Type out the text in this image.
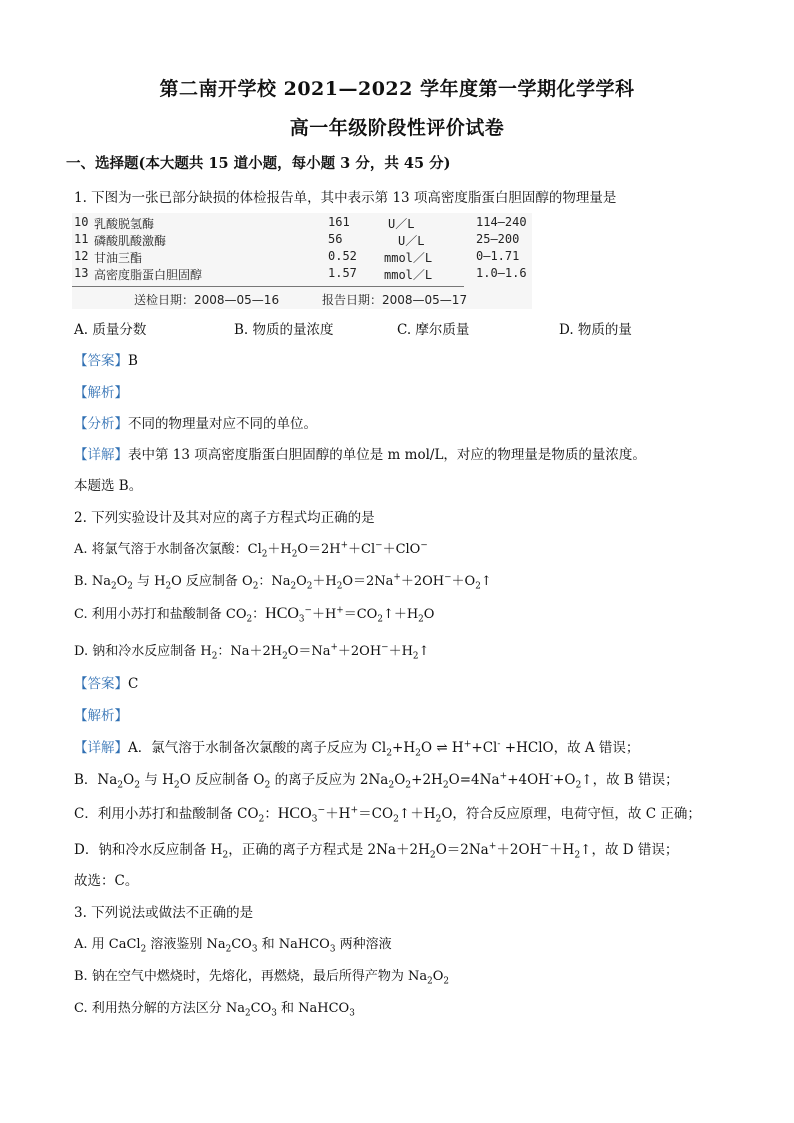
第二南开学校 2021—2022 学年度第一学期化学学科
高一年级阶段性评价试卷
一、选择题(本大题共 15 道小题，每小题 3 分，共 45 分)
1. 下图为一张已部分缺损的体检报告单，其中表示第 13 项高密度脂蛋白胆固醇的物理量是
10 乳酸脱氢酶	161	U／L	114—240
11 磷酸肌酸激酶	56	U／L	25—200
12 甘油三酯	0.52 mmol／L	0—1.71
13 高密度脂蛋白胆固醇	1.57 mmol／L	1.0—1.6
送检日期：2008—05—16	报告日期：2008—05—17
A. 质量分数	B. 物质的量浓度	C. 摩尔质量	D. 物质的量
【答案】B
【解析】
【分析】不同的物理量对应不同的单位。
【详解】表中第 13 项高密度脂蛋白胆固醇的单位是 m mol/L，对应的物理量是物质的量浓度。
本题选 B。
2. 下列实验设计及其对应的离子方程式均正确的是
A. 将氯气溶于水制备次氯酸：$Cl_2+H_2O=2H^++Cl^-+ClO^-$
B. $Na_2O_2$ 与 $H_2O$ 反应制备 $O_2$：$Na_2O_2+H_2O=2Na^++2OH^-+O_2↑$
C. 利用小苏打和盐酸制备 $CO_2$：$HCO_3^-+H^+=CO_2↑+H_2O$
D. 钠和冷水反应制备 $H_2$：$Na+2H_2O=Na^++2OH^-+H_2↑$
【答案】C
【解析】
【详解】A．氯气溶于水制备次氯酸的离子反应为 $Cl_2+H_2O$ ⇌ H++Cl- +HClO，故 A 错误；
B．$Na_2O_2$ 与 $H_2O$ 反应制备 $O_2$ 的离子反应为 $2Na_2O_2+2H_2O=4Na^++4OH^-+O_2↑$，故 B 错误；
C．利用小苏打和盐酸制备 $CO_2$：$HCO_3^-+H^+=CO_2↑+H_2O$，符合反应原理，电荷守恒，故 C 正确；
D．钠和冷水反应制备 $H_2$，正确的离子方程式是 $2Na+2H_2O=2Na^++2OH^-+H_2↑$，故 D 错误；
故选：C。
3. 下列说法或做法不正确的是
A. 用 CaCl$_2$ 溶液鉴别 $Na_2CO_3$ 和 NaHCO$_3$ 两种溶液
B. 钠在空气中燃烧时，先熔化，再燃烧，最后所得产物为 $Na_2O_2$
C. 利用热分解的方法区分 $Na_2CO_3$ 和 NaHCO$_3$
